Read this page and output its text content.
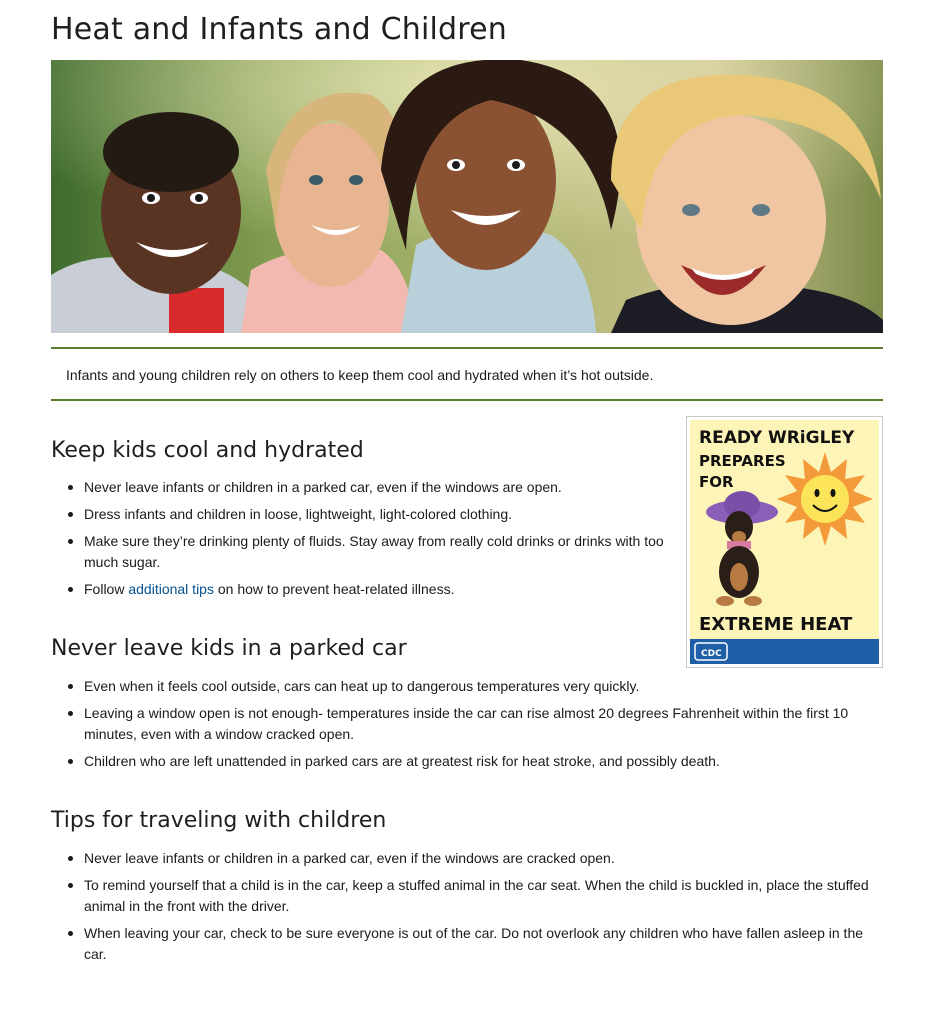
Heat and Infants and Children

Infants and young children rely on others to keep them cool and hydrated when it’s hot outside.

READY WRiGLEY
PREPARES
FOR
EXTREME HEAT
CDC
Keep kids cool and hydrated
Never leave infants or children in a parked car, even if the windows are open.
Dress infants and children in loose, lightweight, light-colored clothing.
Make sure they’re drinking plenty of fluids. Stay away from really cold drinks or drinks with too much sugar.
Follow additional tips on how to prevent heat-related illness.
Never leave kids in a parked car
Even when it feels cool outside, cars can heat up to dangerous temperatures very quickly.
Leaving a window open is not enough- temperatures inside the car can rise almost 20 degrees Fahrenheit within the first 10 minutes, even with a window cracked open.
Children who are left unattended in parked cars are at greatest risk for heat stroke, and possibly death.
Tips for traveling with children
Never leave infants or children in a parked car, even if the windows are cracked open.
To remind yourself that a child is in the car, keep a stuffed animal in the car seat. When the child is buckled in, place the stuffed animal in the front with the driver.
When leaving your car, check to be sure everyone is out of the car. Do not overlook any children who have fallen asleep in the car.
